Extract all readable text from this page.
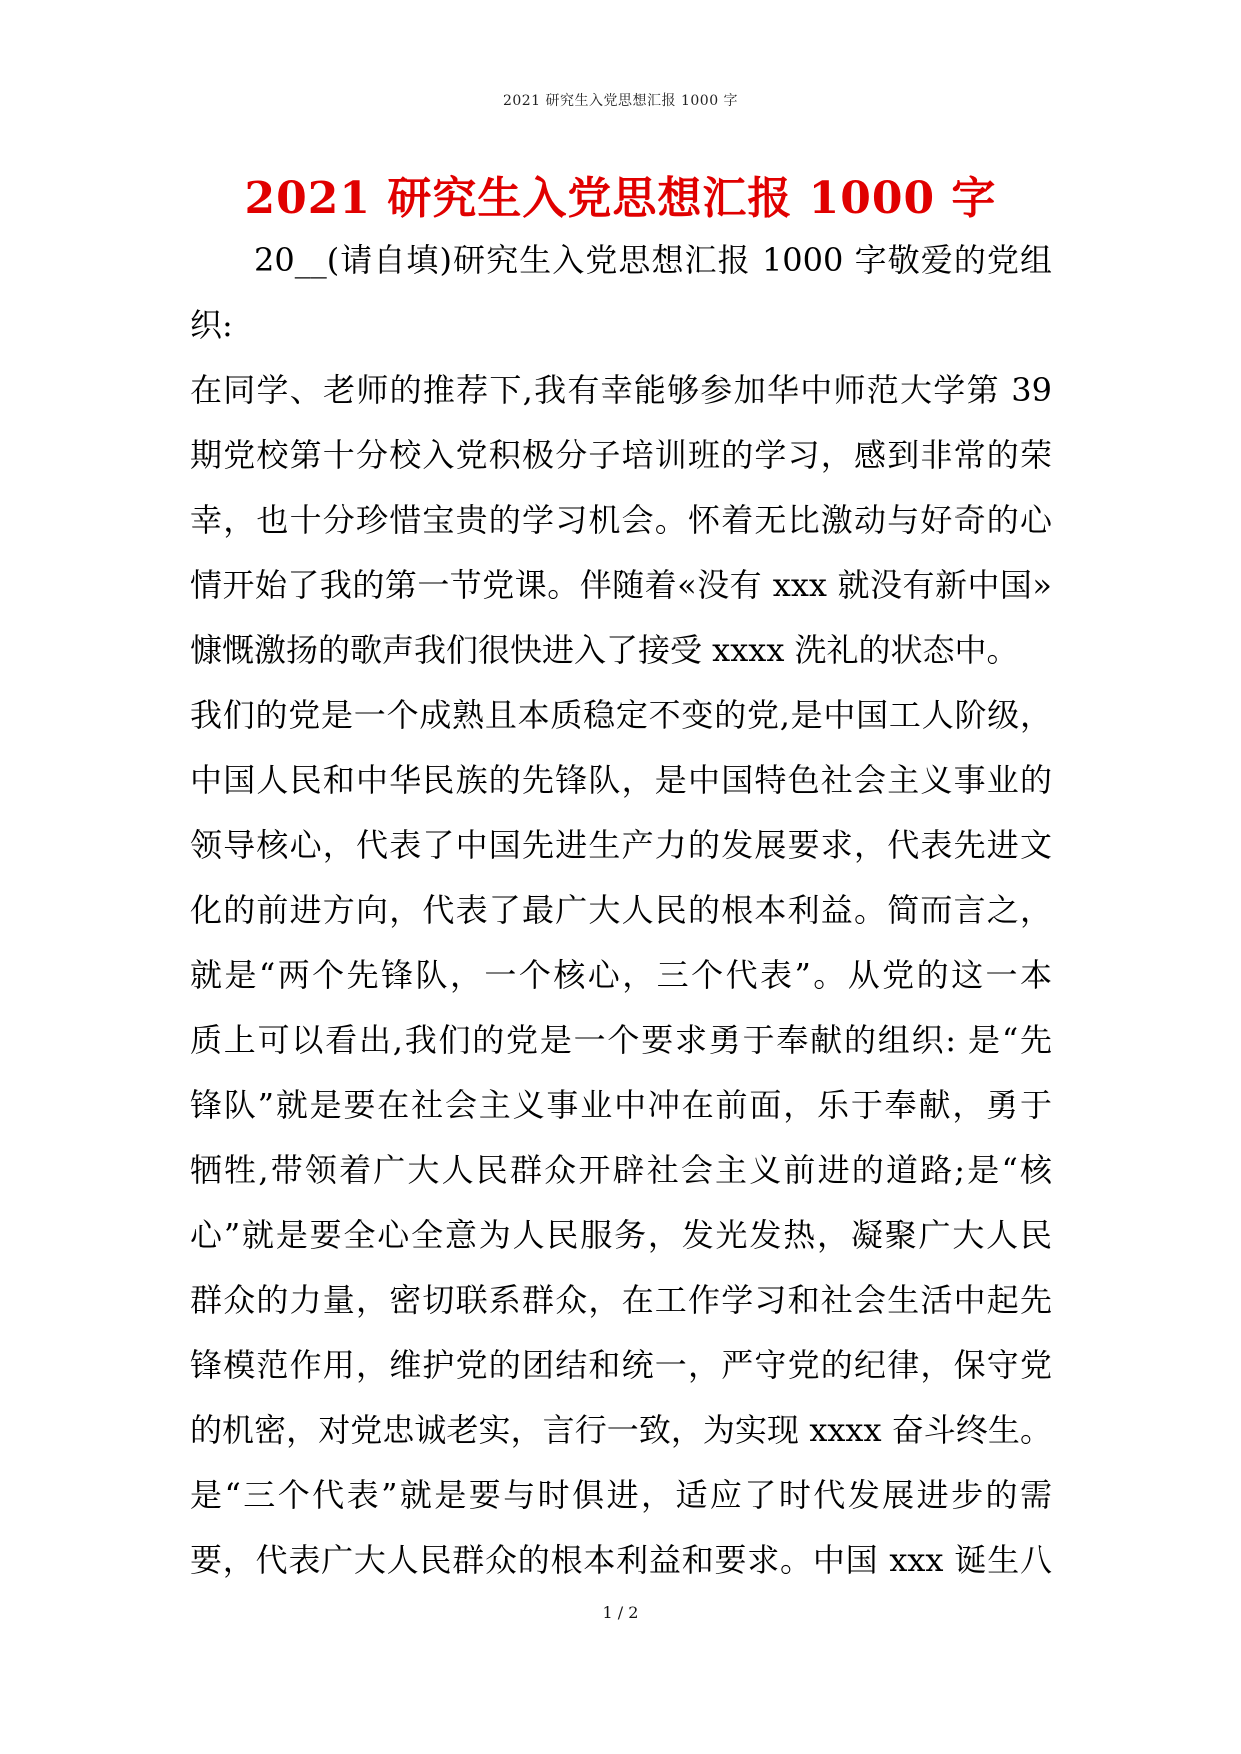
2021 研究生入党思想汇报 1000 字
2021 研究生入党思想汇报 1000 字
20__(请自填)研究生入党思想汇报 1000 字敬爱的党组
织:
在同学、老师的推荐下,我有幸能够参加华中师范大学第 39
期党校第十分校入党积极分子培训班的学习，感到非常的荣
幸，也十分珍惜宝贵的学习机会。怀着无比激动与好奇的心
情开始了我的第一节党课。伴随着«没有 xxx 就没有新中国»
慷慨激扬的歌声我们很快进入了接受 xxxx 洗礼的状态中。
我们的党是一个成熟且本质稳定不变的党,是中国工人阶级，
中国人民和中华民族的先锋队，是中国特色社会主义事业的
领导核心，代表了中国先进生产力的发展要求，代表先进文
化的前进方向，代表了最广大人民的根本利益。简而言之，
就是“两个先锋队，一个核心，三个代表”。从党的这一本
质上可以看出,我们的党是一个要求勇于奉献的组织: 是“先
锋队”就是要在社会主义事业中冲在前面，乐于奉献，勇于
牺牲,带领着广大人民群众开辟社会主义前进的道路;是“核
心”就是要全心全意为人民服务，发光发热，凝聚广大人民
群众的力量，密切联系群众，在工作学习和社会生活中起先
锋模范作用，维护党的团结和统一，严守党的纪律，保守党
的机密，对党忠诚老实，言行一致，为实现 xxxx 奋斗终生。
是“三个代表”就是要与时俱进，适应了时代发展进步的需
要，代表广大人民群众的根本利益和要求。中国 xxx 诞生八
1 / 2
